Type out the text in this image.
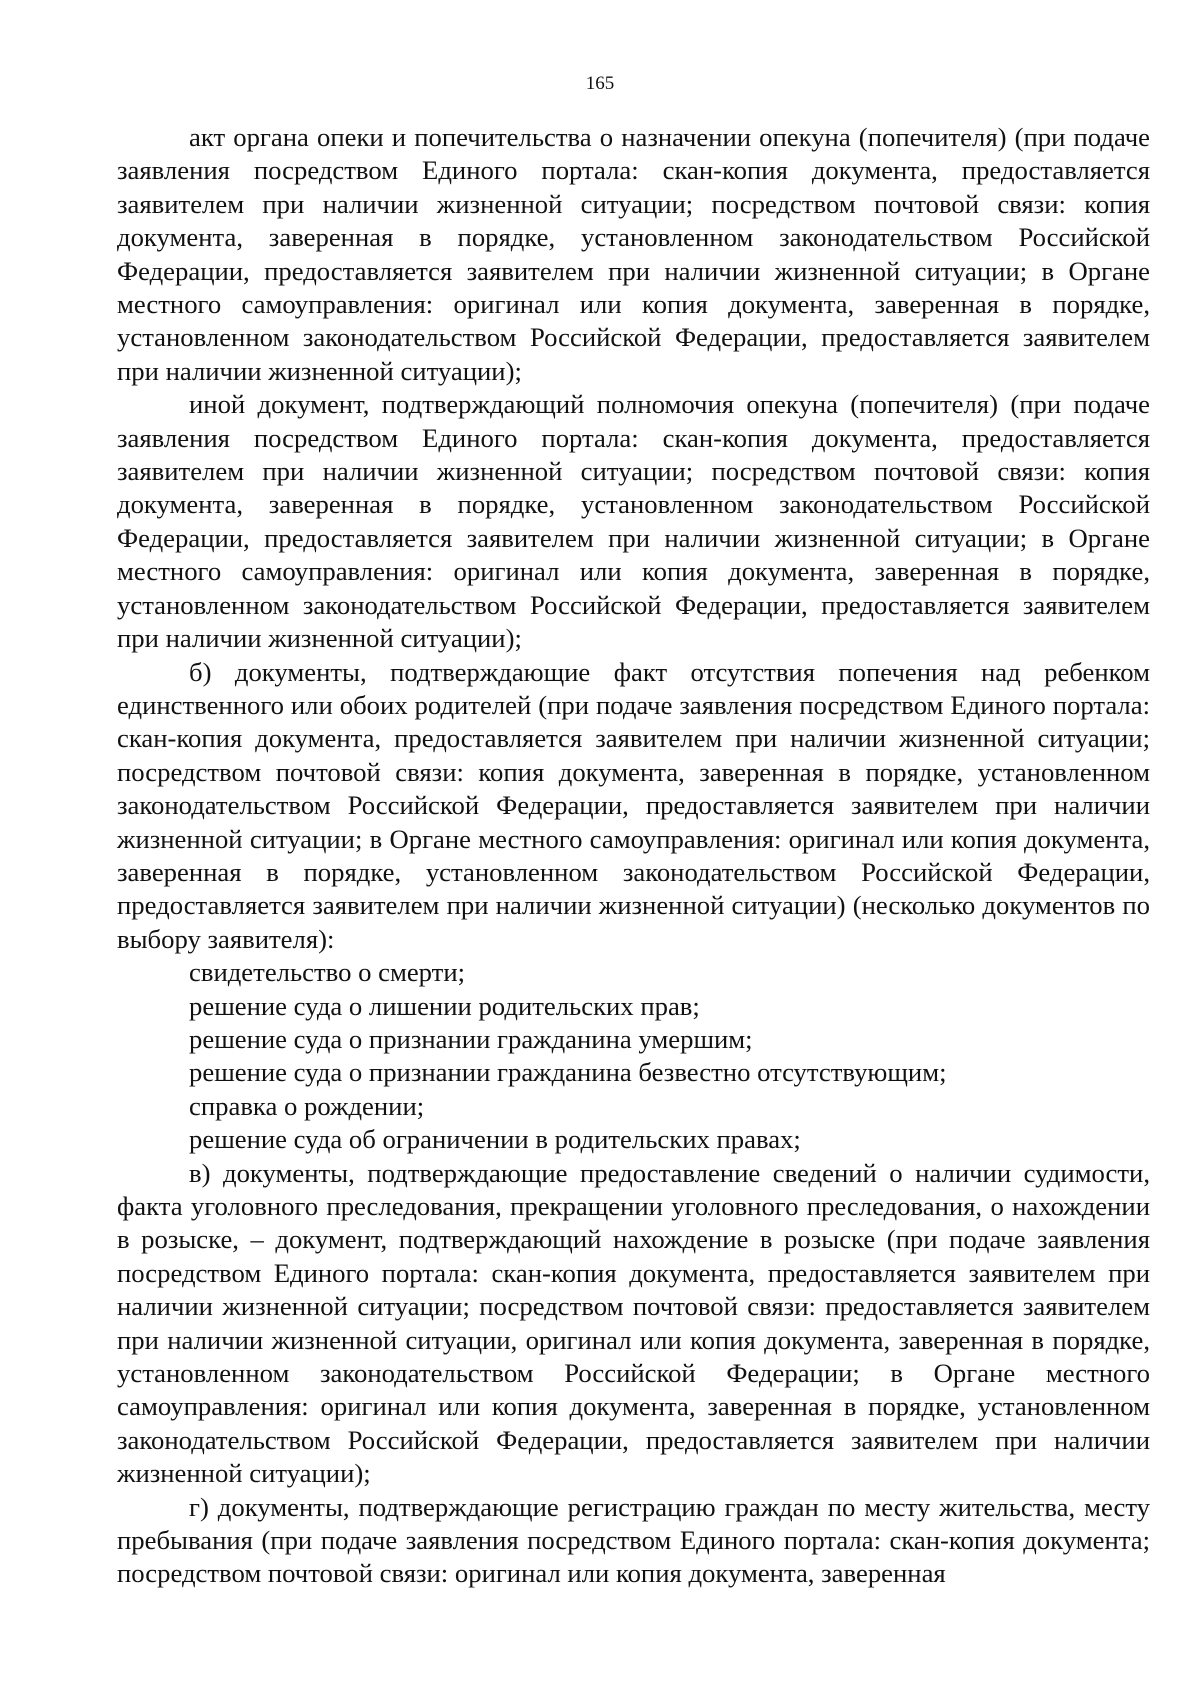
165

акт органа опеки и попечительства о назначении опекуна (попечителя) (при подаче заявления посредством Единого портала: скан-копия документа, предоставляется заявителем при наличии жизненной ситуации; посредством почтовой связи: копия документа, заверенная в порядке, установленном законодательством Российской Федерации, предоставляется заявителем при наличии жизненной ситуации; в Органе местного самоуправления: оригинал или копия документа, заверенная в порядке, установленном законодательством Российской Федерации, предоставляется заявителем при наличии жизненной ситуации);

иной документ, подтверждающий полномочия опекуна (попечителя) (при подаче заявления посредством Единого портала: скан-копия документа, предоставляется заявителем при наличии жизненной ситуации; посредством почтовой связи: копия документа, заверенная в порядке, установленном законодательством Российской Федерации, предоставляется заявителем при наличии жизненной ситуации; в Органе местного самоуправления: оригинал или копия документа, заверенная в порядке, установленном законодательством Российской Федерации, предоставляется заявителем при наличии жизненной ситуации);

б) документы, подтверждающие факт отсутствия попечения над ребенком единственного или обоих родителей (при подаче заявления посредством Единого портала: скан-копия документа, предоставляется заявителем при наличии жизненной ситуации; посредством почтовой связи: копия документа, заверенная в порядке, установленном законодательством Российской Федерации, предоставляется заявителем при наличии жизненной ситуации; в Органе местного самоуправления: оригинал или копия документа, заверенная в порядке, установленном законодательством Российской Федерации, предоставляется заявителем при наличии жизненной ситуации) (несколько документов по выбору заявителя):

свидетельство о смерти;

решение суда о лишении родительских прав;

решение суда о признании гражданина умершим;

решение суда о признании гражданина безвестно отсутствующим;

справка о рождении;

решение суда об ограничении в родительских правах;

в) документы, подтверждающие предоставление сведений о наличии судимости, факта уголовного преследования, прекращении уголовного преследования, о нахождении в розыске, – документ, подтверждающий нахождение в розыске (при подаче заявления посредством Единого портала: скан-копия документа, предоставляется заявителем при наличии жизненной ситуации; посредством почтовой связи: предоставляется заявителем при наличии жизненной ситуации, оригинал или копия документа, заверенная в порядке, установленном законодательством Российской Федерации; в Органе местного самоуправления: оригинал или копия документа, заверенная в порядке, установленном законодательством Российской Федерации, предоставляется заявителем при наличии жизненной ситуации);

г) документы, подтверждающие регистрацию граждан по месту жительства, месту пребывания (при подаче заявления посредством Единого портала: скан-копия документа; посредством почтовой связи: оригинал или копия документа, заверенная
